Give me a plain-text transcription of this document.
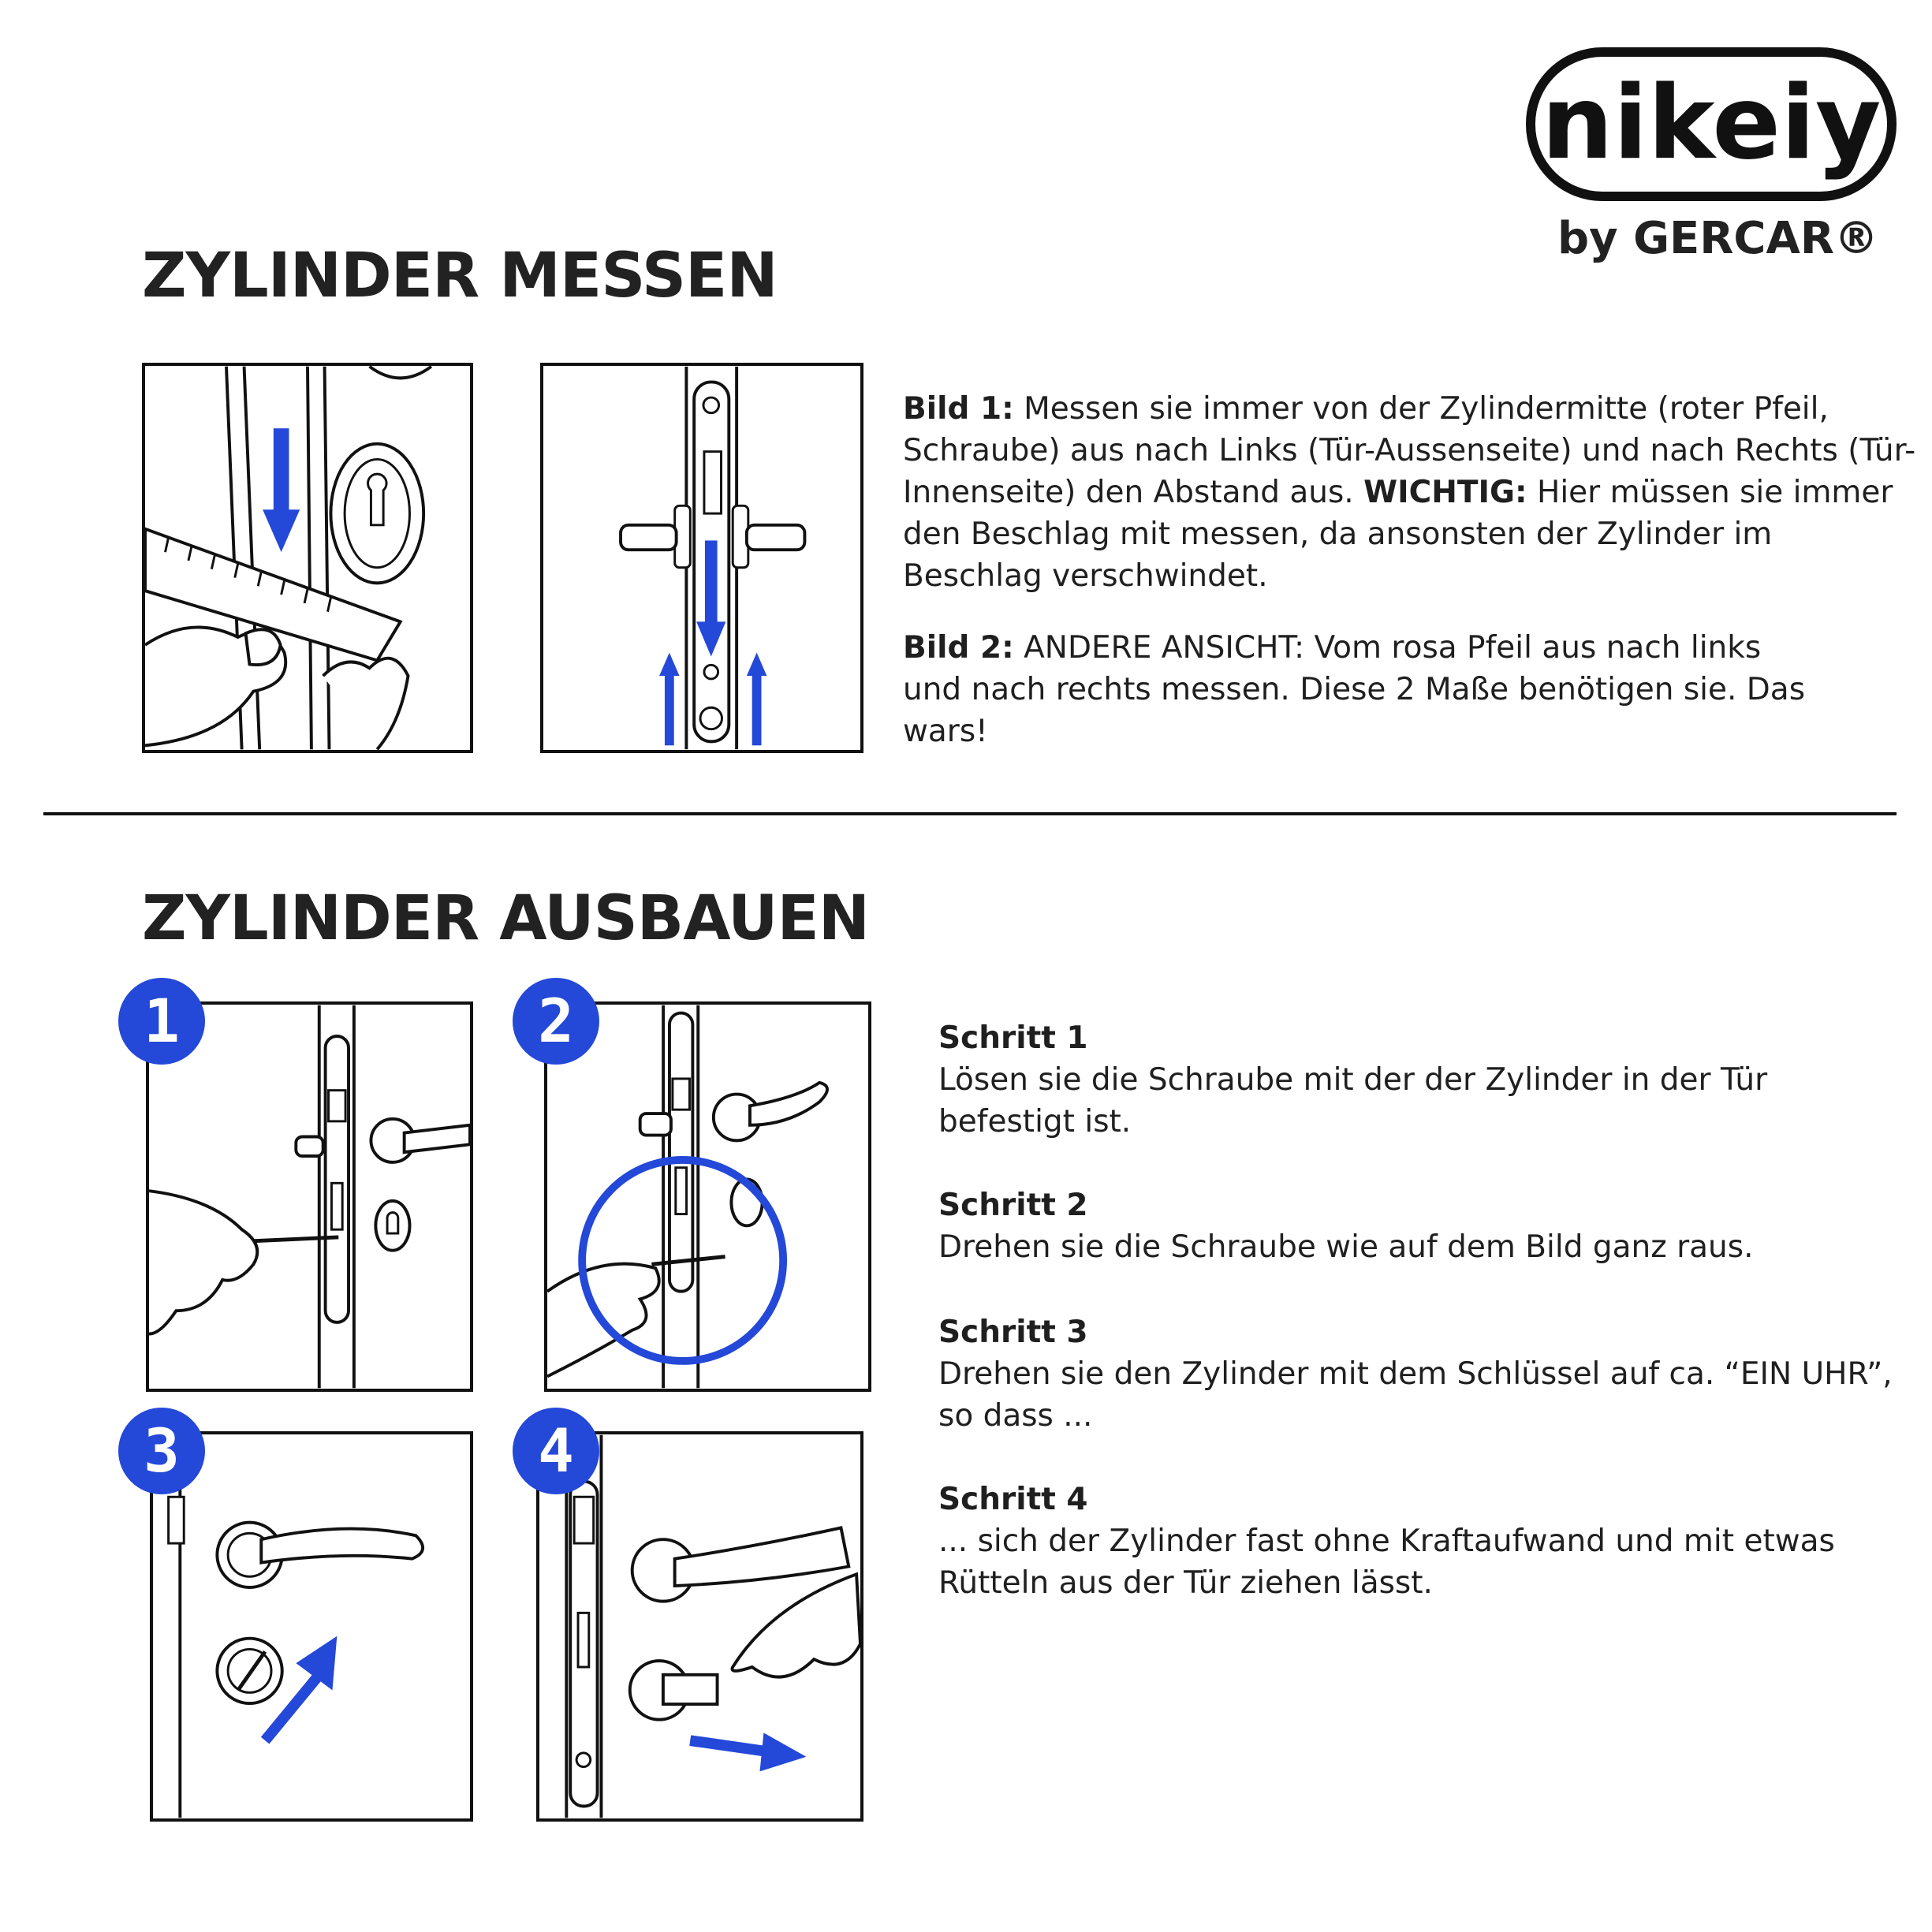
nikeiy
by GERCAR®
ZYLINDER MESSEN

Bild 1: Messen sie immer von der Zylindermitte (roter Pfeil, Schraube) aus nach Links (Tür-Aussenseite) und nach Rechts (Tür-Innenseite) den Abstand aus. WICHTIG: Hier müssen sie immer den Beschlag mit messen, da ansonsten der Zylinder im Beschlag verschwindet.

Bild 2: ANDERE ANSICHT: Vom rosa Pfeil aus nach links und nach rechts messen. Diese 2 Maße benötigen sie. Das wars!

ZYLINDER AUSBAUEN
1	2
3	4

Schritt 1

Lösen sie die Schraube mit der der Zylinder in der Tür befestigt ist.

Schritt 2

Drehen sie die Schraube wie auf dem Bild ganz raus.

Schritt 3

Drehen sie den Zylinder mit dem Schlüssel auf ca. “EIN UHR”, so dass ...

Schritt 4

... sich der Zylinder fast ohne Kraftaufwand und mit etwas Rütteln aus der Tür ziehen lässt.
